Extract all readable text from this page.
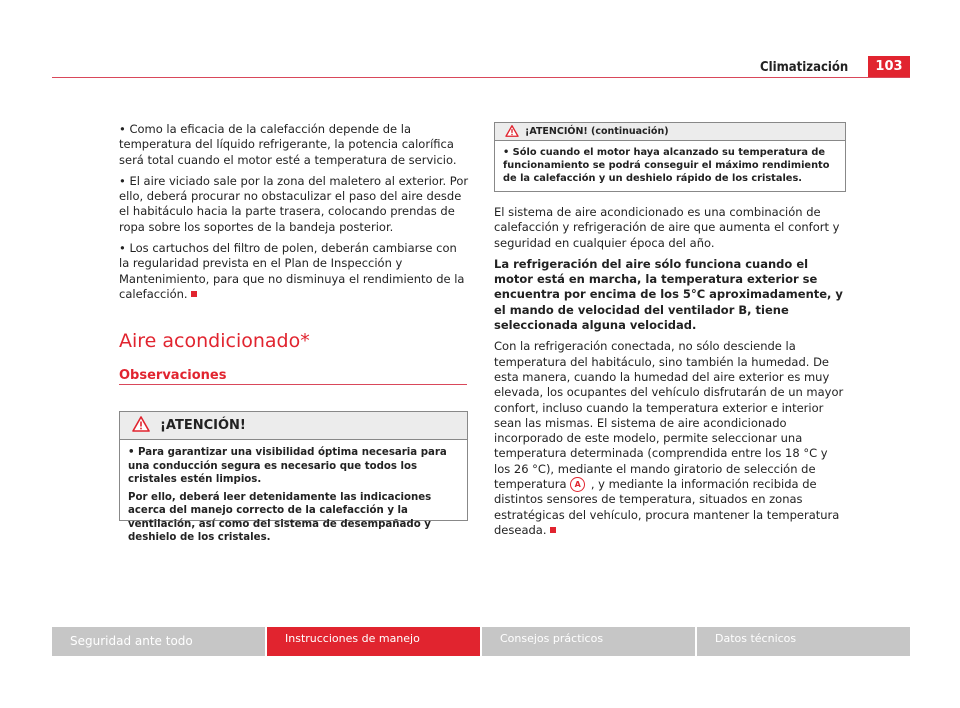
Climatización	103

• Como la eficacia de la calefacción depende de la temperatura del líquido refrigerante, la potencia calorífica será total cuando el motor esté a temperatura de servicio.

• El aire viciado sale por la zona del maletero al exterior. Por ello, deberá procurar no obstaculizar el paso del aire desde el habitáculo hacia la parte trasera, colocando prendas de ropa sobre los soportes de la bandeja posterior.

• Los cartuchos del filtro de polen, deberán cambiarse con la regularidad prevista en el Plan de Inspección y Mantenimiento, para que no disminuya el rendimiento de la calefacción.

Aire acondicionado*
Observaciones
¡ATENCIÓN!

• Para garantizar una visibilidad óptima necesaria para una conducción segura es necesario que todos los cristales estén limpios.

Por ello, deberá leer detenidamente las indicaciones acerca del manejo correcto de la calefacción y la ventilación, así como del sistema de desempañado y deshielo de los cristales.

¡ATENCIÓN! (continuación)

• Sólo cuando el motor haya alcanzado su temperatura de funcionamiento se podrá conseguir el máximo rendimiento de la calefacción y un deshielo rápido de los cristales.

El sistema de aire acondicionado es una combinación de calefacción y refrigeración de aire que aumenta el confort y seguridad en cualquier época del año.

La refrigeración del aire sólo funciona cuando el motor está en marcha, la temperatura exterior se encuentra por encima de los 5°C aproximadamente, y el mando de velocidad del ventilador B, tiene seleccionada alguna velocidad.

Con la refrigeración conectada, no sólo desciende la temperatura del habitáculo, sino también la humedad. De esta manera, cuando la humedad del aire exterior es muy elevada, los ocupantes del vehículo disfrutarán de un mayor confort, incluso cuando la temperatura exterior e interior sean las mismas. El sistema de aire acondicionado incorporado de este modelo, permite seleccionar una temperatura determinada (comprendida entre los 18 °C y los 26 °C), mediante el mando giratorio de selección de temperatura A , y mediante la información recibida de distintos sensores de temperatura, situados en zonas estratégicas del vehículo, procura mantener la temperatura deseada.

Seguridad ante todo	Instrucciones de manejo	Consejos prácticos	Datos técnicos
